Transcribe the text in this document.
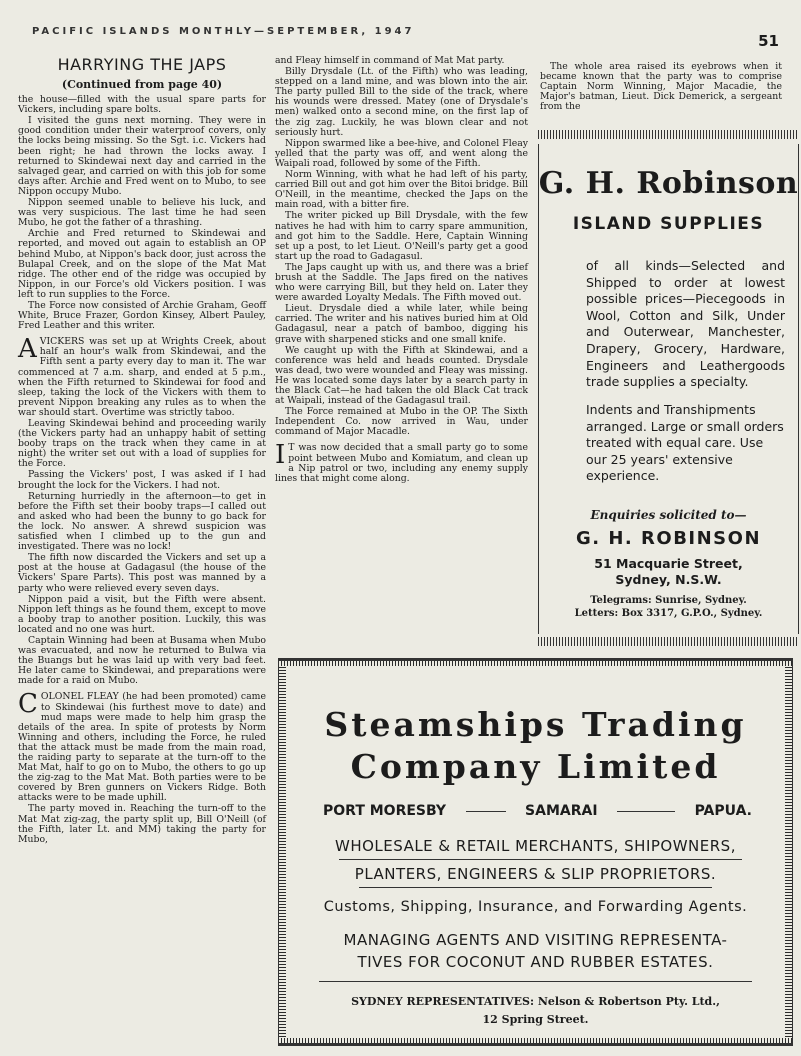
PACIFIC ISLANDS MONTHLY—SEPTEMBER, 1947
51
HARRYING THE JAPS
(Continued from page 40)

the house—filled with the usual spare parts for Vickers, including spare bolts.

I visited the guns next morning. They were in good condition under their waterproof covers, only the locks being missing. So the Sgt. i.c. Vickers had been right; he had thrown the locks away. I returned to Skindewai next day and carried in the salvaged gear, and carried on with this job for some days after. Archie and Fred went on to Mubo, to see Nippon occupy Mubo.

Nippon seemed unable to believe his luck, and was very suspicious. The last time he had seen Mubo, he got the father of a thrashing.

Archie and Fred returned to Skindewai and reported, and moved out again to establish an OP behind Mubo, at Nippon's back door, just across the Bulapal Creek, and on the slope of the Mat Mat ridge. The other end of the ridge was occupied by Nippon, in our Force's old Vickers position. I was left to run supplies to the Force.

The Force now consisted of Archie Graham, Geoff White, Bruce Frazer, Gordon Kinsey, Albert Pauley, Fred Leather and this writer.

AVICKERS was set up at Wrights Creek, about half an hour's walk from Skindewai, and the Fifth sent a party every day to man it. The war commenced at 7 a.m. sharp, and ended at 5 p.m., when the Fifth returned to Skindewai for food and sleep, taking the lock of the Vickers with them to prevent Nippon breaking any rules as to when the war should start. Overtime was strictly taboo.

Leaving Skindewai behind and proceeding warily (the Vickers party had an unhappy habit of setting booby traps on the track when they came in at night) the writer set out with a load of supplies for the Force.

Passing the Vickers' post, I was asked if I had brought the lock for the Vickers. I had not.

Returning hurriedly in the afternoon—to get in before the Fifth set their booby traps—I called out and asked who had been the bunny to go back for the lock. No answer. A shrewd suspicion was satisfied when I climbed up to the gun and investigated. There was no lock!

The fifth now discarded the Vickers and set up a post at the house at Gadagasul (the house of the Vickers' Spare Parts). This post was manned by a party who were relieved every seven days.

Nippon paid a visit, but the Fifth were absent. Nippon left things as he found them, except to move a booby trap to another position. Luckily, this was located and no one was hurt.

Captain Winning had been at Busama when Mubo was evacuated, and now he returned to Bulwa via the Buangs but he was laid up with very bad feet. He later came to Skindewai, and preparations were made for a raid on Mubo.

COLONEL FLEAY (he had been promoted) came to Skindewai (his furthest move to date) and mud maps were made to help him grasp the details of the area. In spite of protests by Norm Winning and others, including the Force, he ruled that the attack must be made from the main road, the raiding party to separate at the turn-off to the Mat Mat, half to go on to Mubo, the others to go up the zig-zag to the Mat Mat. Both parties were to be covered by Bren gunners on Vickers Ridge. Both attacks were to be made uphill.

The party moved in. Reaching the turn-off to the Mat Mat zig-zag, the party split up, Bill O'Neill (of the Fifth, later Lt. and MM) taking the party for Mubo,

and Fleay himself in command of Mat Mat party.

Billy Drysdale (Lt. of the Fifth) who was leading, stepped on a land mine, and was blown into the air. The party pulled Bill to the side of the track, where his wounds were dressed. Matey (one of Drysdale's men) walked onto a second mine, on the first lap of the zig zag. Luckily, he was blown clear and not seriously hurt.

Nippon swarmed like a bee-hive, and Colonel Fleay yelled that the party was off, and went along the Waipali road, followed by some of the Fifth.

Norm Winning, with what he had left of his party, carried Bill out and got him over the Bitoi bridge. Bill O'Neill, in the meantime, checked the Japs on the main road, with a bitter fire.

The writer picked up Bill Drysdale, with the few natives he had with him to carry spare ammunition, and got him to the Saddle. Here, Captain Winning set up a post, to let Lieut. O'Neill's party get a good start up the road to Gadagasul.

The Japs caught up with us, and there was a brief brush at the Saddle. The Japs fired on the natives who were carrying Bill, but they held on. Later they were awarded Loyalty Medals. The Fifth moved out.

Lieut. Drysdale died a while later, while being carried. The writer and his natives buried him at Old Gadagasul, near a patch of bamboo, digging his grave with sharpened sticks and one small knife.

We caught up with the Fifth at Skindewai, and a conference was held and heads counted. Drysdale was dead, two were wounded and Fleay was missing. He was located some days later by a search party in the Black Cat—he had taken the old Black Cat track at Waipali, instead of the Gadagasul trail.

The Force remained at Mubo in the OP. The Sixth Independent Co. now arrived in Wau, under command of Major Macadle.

I T was now decided that a small party go to some point between Mubo and Komiatum, and clean up a Nip patrol or two, including any enemy supply lines that might come along.

The whole area raised its eyebrows when it became known that the party was to comprise Captain Norm Winning, Major Macadie, the Major's batman, Lieut. Dick Demerick, a sergeant from the

G. H. Robinson
ISLAND SUPPLIES
of all kinds—Selected and Shipped to order at lowest possible prices—Piecegoods in Wool, Cotton and Silk, Under and Outerwear, Manchester, Drapery, Grocery, Hardware, Engineers and Leathergoods trade supplies a specialty.
Indents and Transhipments arranged. Large or small orders treated with equal care. Use our 25 years' extensive experience.
Enquiries solicited to—
G. H. ROBINSON
51 Macquarie Street,
Sydney, N.S.W.
Telegrams: Sunrise, Sydney.
Letters: Box 3317, G.P.O., Sydney.
Steamships Trading
Company Limited
PORT MORESBY	SAMARAI	PAPUA.
WHOLESALE & RETAIL MERCHANTS, SHIPOWNERS,
PLANTERS, ENGINEERS & SLIP PROPRIETORS.
Customs, Shipping, Insurance, and Forwarding Agents.
MANAGING AGENTS AND VISITING REPRESENTA-
TIVES FOR COCONUT AND RUBBER ESTATES.
SYDNEY REPRESENTATIVES: Nelson & Robertson Pty. Ltd.,
12 Spring Street.
